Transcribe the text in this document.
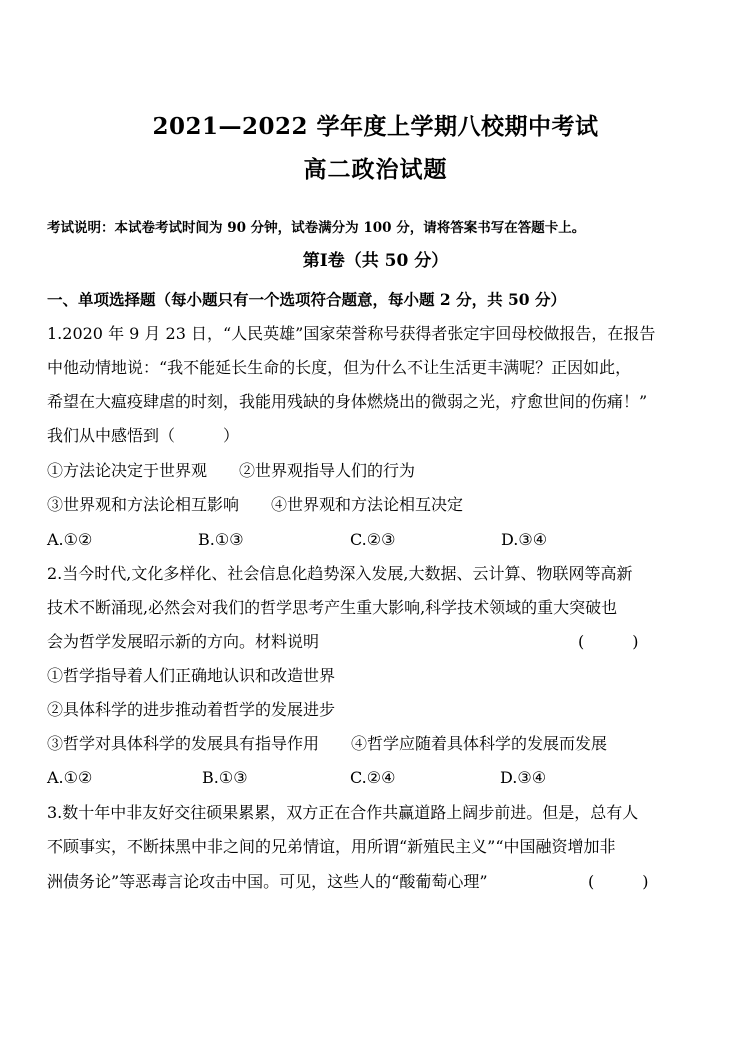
2021—2022 学年度上学期八校期中考试
高二政治试题
考试说明：本试卷考试时间为 90 分钟，试卷满分为 100 分，请将答案书写在答题卡上。
第Ⅰ卷（共 50 分）
一、单项选择题（每小题只有一个选项符合题意，每小题 2 分，共 50 分）
1.2020 年 9 月 23 日，“人民英雄”国家荣誉称号获得者张定宇回母校做报告，在报告
中他动情地说：“我不能延长生命的长度，但为什么不让生活更丰满呢？正因如此，
希望在大瘟疫肆虐的时刻，我能用残缺的身体燃烧出的微弱之光，疗愈世间的伤痛！”
我们从中感悟到（　　　）
①方法论决定于世界观　　②世界观指导人们的行为
③世界观和方法论相互影响　　④世界观和方法论相互决定
A.①②	B.①③	C.②③	D.③④
2.当今时代,文化多样化、社会信息化趋势深入发展,大数据、云计算、物联网等高新
技术不断涌现,必然会对我们的哲学思考产生重大影响,科学技术领域的重大突破也
会为哲学发展昭示新的方向。材料说明	(　　　)
①哲学指导着人们正确地认识和改造世界
②具体科学的进步推动着哲学的发展进步
③哲学对具体科学的发展具有指导作用　　④哲学应随着具体科学的发展而发展
A.①②	B.①③	C.②④	D.③④
3.数十年中非友好交往硕果累累，双方正在合作共赢道路上阔步前进。但是，总有人
不顾事实，不断抹黑中非之间的兄弟情谊，用所谓“新殖民主义”“中国融资增加非
洲债务论”等恶毒言论攻击中国。可见，这些人的“酸葡萄心理”	(　　　)
